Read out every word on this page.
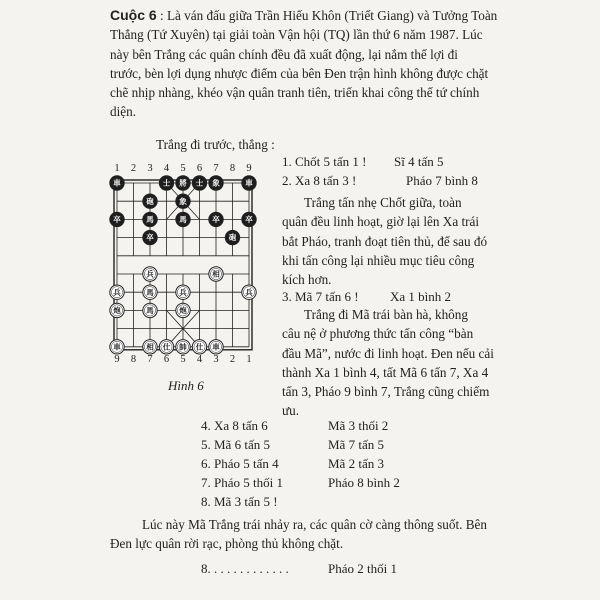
Cuộc 6 : Là ván đấu giữa Trần Hiếu Khôn (Triết Giang) và Tưởng Toàn
Thắng (Tứ Xuyên) tại giải toàn Vận hội (TQ) lần thứ 6 năm 1987. Lúc
này bên Trắng các quân chính đều đã xuất động, lại nắm thế lợi đi
trước, bèn lợi dụng nhược điểm của bên Đen trận hình không được chặt
chẽ nhịp nhàng, khéo vận quân tranh tiên, triển khai công thế tứ chính
diện.
Trắng đi trước, thắng :
1 2 3 4 5 6 7 8 9
9 8 7 6 5 4 3 2 1
車	士 將 士 象	車
砲	象
卒	馬	馬	卒	卒
卒	砲
兵	相
兵	馬	兵	兵
炮	馬	炮
車	相 仕 帥 仕 車
Hình 6
1. Chốt 5 tấn 1 ! Sĩ 4 tấn 5
2. Xa 8 tấn 3 !	Pháo 7 bình 8
Trắng tấn nhẹ Chốt giữa, toàn
quân đều linh hoạt, giờ lại lên Xa trái
bắt Pháo, tranh đoạt tiên thủ, để sau đó
khi tấn công lại nhiều mục tiêu công
kích hơn.
3. Mã 7 tấn 6 ! Xa 1 bình 2
Trắng đi Mã trái bàn hà, không
câu nệ ở phương thức tấn công “bàn
đầu Mã”, nước đi linh hoạt. Đen nếu cải
thành Xa 1 bình 4, tất Mã 6 tấn 7, Xa 4
tấn 3, Pháo 9 bình 7, Trắng cũng chiếm
ưu.
4. Xa 8 tấn 6	Mã 3 thối 2
5. Mã 6 tấn 5	Mã 7 tấn 5
6. Pháo 5 tấn 4	Mã 2 tấn 3
7. Pháo 5 thối 1	Pháo 8 bình 2
8. Mã 3 tấn 5 !
Lúc này Mã Trắng trái nhảy ra, các quân cờ càng thông suốt. Bên
Đen lực quân rời rạc, phòng thủ không chặt.
8. . . . . . . . . . . . .	Pháo 2 thối 1
